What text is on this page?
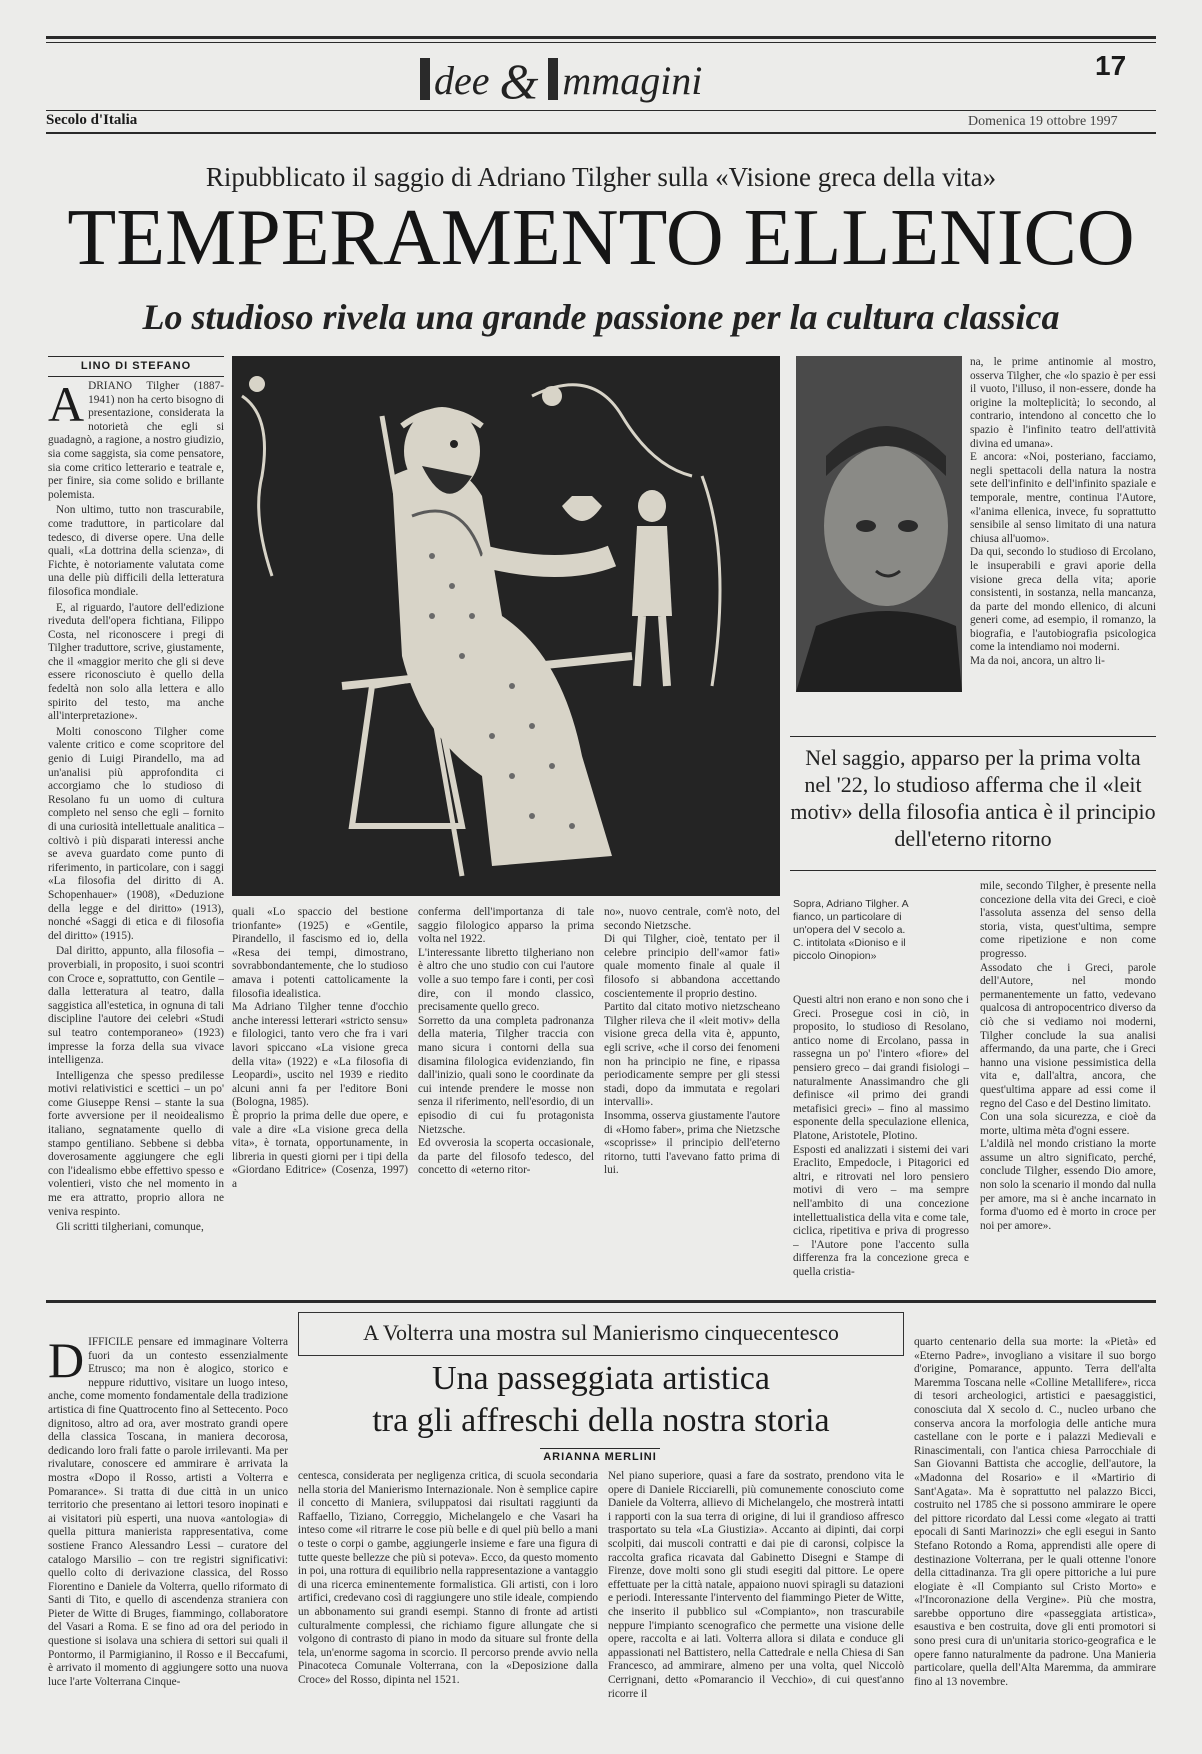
dee & mmagini	17
Secolo d'Italia	Domenica 19 ottobre 1997
Ripubblicato il saggio di Adriano Tilgher sulla «Visione greca della vita»
TEMPERAMENTO ELLENICO
Lo studioso rivela una grande passione per la cultura classica
LINO DI STEFANO
A DRIANO Tilgher (1887-1941) non ha certo bisogno di presentazione, considerata la notorietà che egli si guadagnò, a ragione, a nostro giudizio, sia come saggista, sia come pensatore, sia come critico letterario e teatrale e, per finire, sia come solido e brillante polemista.

Non ultimo, tutto non trascurabile, come traduttore, in particolare dal tedesco, di diverse opere. Una delle quali, «La dottrina della scienza», di Fichte, è notoriamente valutata come una delle più difficili della letteratura filosofica mondiale.

E, al riguardo, l'autore dell'edizione riveduta dell'opera fichtiana, Filippo Costa, nel riconoscere i pregi di Tilgher traduttore, scrive, giustamente, che il «maggior merito che gli si deve essere riconosciuto è quello della fedeltà non solo alla lettera e allo spirito del testo, ma anche all'interpretazione».

Molti conoscono Tilgher come valente critico e come scopritore del genio di Luigi Pirandello, ma ad un'analisi più approfondita ci accorgiamo che lo studioso di Resolano fu un uomo di cultura completo nel senso che egli – fornito di una curiosità intellettuale analitica – coltivò i più disparati interessi anche se aveva guardato come punto di riferimento, in particolare, con i saggi «La filosofia del diritto di A. Schopenhauer» (1908), «Deduzione della legge e del diritto» (1913), nonché «Saggi di etica e di filosofia del diritto» (1915).

Dal diritto, appunto, alla filosofia – proverbiali, in proposito, i suoi scontri con Croce e, soprattutto, con Gentile – dalla letteratura al teatro, dalla saggistica all'estetica, in ognuna di tali discipline l'autore dei celebri «Studi sul teatro contemporaneo» (1923) impresse la forza della sua vivace intelligenza.

Intelligenza che spesso predilesse motivi relativistici e scettici – un po' come Giuseppe Rensi – stante la sua forte avversione per il neoidealismo italiano, segnatamente quello di stampo gentiliano. Sebbene si debba doverosamente aggiungere che egli con l'idealismo ebbe effettivo spesso e volentieri, visto che nel momento in me era attratto, proprio allora ne veniva respinto.

Gli scritti tilgheriani, comunque,

na, le prime antinomie al mostro, osserva Tilgher, che «lo spazio è per essi il vuoto, l'illuso, il non-essere, donde ha origine la molteplicità; lo secondo, al contrario, intendono al concetto che lo spazio è l'infinito teatro dell'attività divina ed umana».
E ancora: «Noi, posteriano, facciamo, negli spettacoli della natura la nostra sete dell'infinito e dell'infinito spaziale e temporale, mentre, continua l'Autore, «l'anima ellenica, invece, fu soprattutto sensibile al senso limitato di una natura chiusa all'uomo».
Da qui, secondo lo studioso di Ercolano, le insuperabili e gravi aporie della visione greca della vita; aporie consistenti, in sostanza, nella mancanza, da parte del mondo ellenico, di alcuni generi come, ad esempio, il romanzo, la biografia, e l'autobiografia psicologica come la intendiamo noi moderni.
Ma da noi, ancora, un altro li-

Nel saggio, apparso per la prima volta nel '22, lo studioso afferma che il «leit motiv» della filosofia antica è il principio dell'eterno ritorno
Sopra, Adriano Tilgher. A fianco, un particolare di un'opera del V secolo a. C. intitolata «Dioniso e il piccolo Oinopion»

Questi altri non erano e non sono che i Greci. Prosegue cosi in ciò, in proposito, lo studioso di Resolano, antico nome di Ercolano, passa in rassegna un po' l'intero «fiore» del pensiero greco – dai grandi fisiologi – naturalmente Anassimandro che gli definisce «il primo dei grandi metafisici greci» – fino al massimo esponente della speculazione ellenica, Platone, Aristotele, Plotino.
Esposti ed analizzati i sistemi dei vari Eraclito, Empedocle, i Pitagorici ed altri, e ritrovati nel loro pensiero motivi di vero – ma sempre nell'ambito di una concezione intellettualistica della vita e come tale, ciclica, ripetitiva e priva di progresso – l'Autore pone l'accento sulla differenza fra la concezione greca e quella cristia-

mile, secondo Tilgher, è presente nella concezione della vita dei Greci, e cioè l'assoluta assenza del senso della storia, vista, quest'ultima, sempre come ripetizione e non come progresso.
Assodato che i Greci, parole dell'Autore, nel mondo permanentemente un fatto, vedevano qualcosa di antropocentrico diverso da ciò che si vediamo noi moderni, Tilgher conclude la sua analisi affermando, da una parte, che i Greci hanno una visione pessimistica della vita e, dall'altra, ancora, che quest'ultima appare ad essi come il regno del Caso e del Destino limitato.
Con una sola sicurezza, e cioè da morte, ultima mèta d'ogni essere.
L'aldilà nel mondo cristiano la morte assume un altro significato, perché, conclude Tilgher, essendo Dio amore, non solo la scenario il mondo dal nulla per amore, ma si è anche incarnato in forma d'uomo ed è morto in croce per noi per amore».

quali «Lo spaccio del bestione trionfante» (1925) e «Gentile, Pirandello, il fascismo ed io, della «Resa dei tempi, dimostrano, sovrabbondantemente, che lo studioso amava i potenti cattolicamente la filosofia idealistica.
Ma Adriano Tilgher tenne d'occhio anche interessi letterari «stricto sensu» e filologici, tanto vero che fra i vari lavori spiccano «La visione greca della vita» (1922) e «La filosofia di Leopardi», uscito nel 1939 e riedito alcuni anni fa per l'editore Boni (Bologna, 1985).
È proprio la prima delle due opere, e vale a dire «La visione greca della vita», è tornata, opportunamente, in libreria in questi giorni per i tipi della «Giordano Editrice» (Cosenza, 1997) a

conferma dell'importanza di tale saggio filologico apparso la prima volta nel 1922.
L'interessante libretto tilgheriano non è altro che uno studio con cui l'autore volle a suo tempo fare i conti, per così dire, con il mondo classico, precisamente quello greco.
Sorretto da una completa padronanza della materia, Tilgher traccia con mano sicura i contorni della sua disamina filologica evidenziando, fin dall'inizio, quali sono le coordinate da cui intende prendere le mosse non senza il riferimento, nell'esordio, di un episodio di cui fu protagonista Nietzsche.
Ed ovverosia la scoperta occasionale, da parte del filosofo tedesco, del concetto di «eterno ritor-

no», nuovo centrale, com'è noto, del secondo Nietzsche.
Di qui Tilgher, cioè, tentato per il celebre principio dell'«amor fati» quale momento finale al quale il filosofo si abbandona accettando coscientemente il proprio destino.
Partito dal citato motivo nietzscheano Tilgher rileva che il «leit motiv» della visione greca della vita è, appunto, egli scrive, «che il corso dei fenomeni non ha principio ne fine, e ripassa periodicamente sempre per gli stessi stadi, dopo da immutata e regolari intervalli».
Insomma, osserva giustamente l'autore di «Homo faber», prima che Nietzsche «scoprisse» il principio dell'eterno ritorno, tutti l'avevano fatto prima di lui.

A Volterra una mostra sul Manierismo cinquecentesco
Una passeggiata artistica
tra gli affreschi della nostra storia
ARIANNA MERLINI
D IFFICILE pensare ed immaginare Volterra fuori da un contesto essenzialmente Etrusco; ma non è alogico, storico e neppure riduttivo, visitare un luogo inteso, anche, come momento fondamentale della tradizione artistica di fine Quattrocento fino al Settecento. Poco dignitoso, altro ad ora, aver mostrato grandi opere della classica Toscana, in maniera decorosa, dedicando loro frali fatte o parole irrilevanti. Ma per rivalutare, conoscere ed ammirare è arrivata la mostra «Dopo il Rosso, artisti a Volterra e Pomarance». Si tratta di due città in un unico territorio che presentano ai lettori tesoro inopinati e ai visitatori più esperti, una nuova «antologia» di quella pittura manierista rappresentativa, come sostiene Franco Alessandro Lessi – curatore del catalogo Marsilio – con tre registri significativi: quello colto di derivazione classica, del Rosso Fiorentino e Daniele da Volterra, quello riformato di Santi di Tito, e quello di ascendenza straniera con Pieter de Witte di Bruges, fiammingo, collaboratore del Vasari a Roma. E se fino ad ora del periodo in questione si isolava una schiera di settori sui quali il Pontormo, il Parmigianino, il Rosso e il Beccafumi, è arrivato il momento di aggiungere sotto una nuova luce l'arte Volterrana Cinque-

centesca, considerata per negligenza critica, di scuola secondaria nella storia del Manierismo Internazionale. Non è semplice capire il concetto di Maniera, sviluppatosi dai risultati raggiunti da Raffaello, Tiziano, Correggio, Michelangelo e che Vasari ha inteso come «il ritrarre le cose più belle e di quel più bello a mani o teste o corpi o gambe, aggiungerle insieme e fare una figura di tutte queste bellezze che più si poteva». Ecco, da questo momento in poi, una rottura di equilibrio nella rappresentazione a vantaggio di una ricerca eminentemente formalistica. Gli artisti, con i loro artifici, credevano così di raggiungere uno stile ideale, compiendo un abbonamento sui grandi esempi. Stanno di fronte ad artisti culturalmente complessi, che richiamo figure allungate che si volgono di contrasto di piano in modo da situare sul fronte della tela, un'enorme sagoma in scorcio. Il percorso prende avvio nella Pinacoteca Comunale Volterrana, con la «Deposizione dalla Croce» del Rosso, dipinta nel 1521.

Nel piano superiore, quasi a fare da sostrato, prendono vita le opere di Daniele Ricciarelli, più comunemente conosciuto come Daniele da Volterra, allievo di Michelangelo, che mostrerà intatti i rapporti con la sua terra di origine, di lui il grandioso affresco trasportato su tela «La Giustizia». Accanto ai dipinti, dai corpi scolpiti, dai muscoli contratti e dai pie di caronsi, colpisce la raccolta grafica ricavata dal Gabinetto Disegni e Stampe di Firenze, dove molti sono gli studi esegiti dal pittore. Le opere effettuate per la città natale, appaiono nuovi spiragli su datazioni e periodi. Interessante l'intervento del fiammingo Pieter de Witte, che inserito il pubblico sul «Compianto», non trascurabile neppure l'impianto scenografico che permette una visione delle opere, raccolta e ai lati. Volterra allora si dilata e conduce gli appassionati nel Battistero, nella Cattedrale e nella Chiesa di San Francesco, ad ammirare, almeno per una volta, quel Niccolò Cerrignani, detto «Pomarancio il Vecchio», di cui quest'anno ricorre il

quarto centenario della sua morte: la «Pietà» ed «Eterno Padre», invogliano a visitare il suo borgo d'origine, Pomarance, appunto. Terra dell'alta Maremma Toscana nelle «Colline Metallifere», ricca di tesori archeologici, artistici e paesaggistici, conosciuta dal X secolo d. C., nucleo urbano che conserva ancora la morfologia delle antiche mura castellane con le porte e i palazzi Medievali e Rinascimentali, con l'antica chiesa Parrocchiale di San Giovanni Battista che accoglie, dell'autore, la «Madonna del Rosario» e il «Martirio di Sant'Agata». Ma è soprattutto nel palazzo Bicci, costruito nel 1785 che si possono ammirare le opere del pittore ricordato dal Lessi come «legato ai tratti epocali di Santi Marinozzi» che egli esegui in Santo Stefano Rotondo a Roma, apprendisti alle opere di destinazione Volterrana, per le quali ottenne l'onore della cittadinanza. Tra gli opere pittoriche a lui pure elogiate è «Il Compianto sul Cristo Morto» e «l'Incoronazione della Vergine». Più che mostra, sarebbe opportuno dire «passeggiata artistica», esaustiva e ben costruita, dove gli enti promotori si sono presi cura di un'unitaria storico-geografica e le opere fanno naturalmente da padrone. Una Manieria particolare, quella dell'Alta Maremma, da ammirare fino al 13 novembre.
